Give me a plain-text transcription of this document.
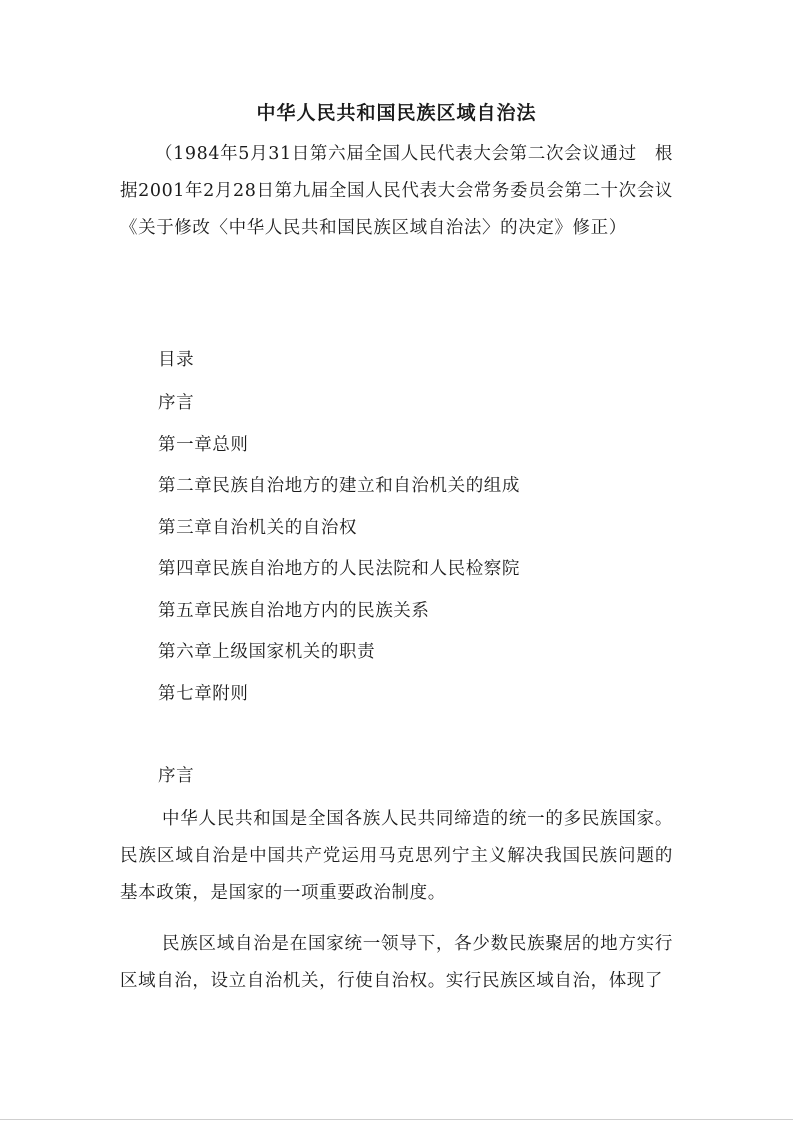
中华人民共和国民族区域自治法
（1984年5月31日第六届全国人民代表大会第二次会议通过　根据2001年2月28日第九届全国人民代表大会常务委员会第二十次会议《关于修改〈中华人民共和国民族区域自治法〉的决定》修正）
目录
序言
第一章总则
第二章民族自治地方的建立和自治机关的组成
第三章自治机关的自治权
第四章民族自治地方的人民法院和人民检察院
第五章民族自治地方内的民族关系
第六章上级国家机关的职责
第七章附则
序言
中华人民共和国是全国各族人民共同缔造的统一的多民族国家。民族区域自治是中国共产党运用马克思列宁主义解决我国民族问题的基本政策，是国家的一项重要政治制度。
民族区域自治是在国家统一领导下，各少数民族聚居的地方实行区域自治，设立自治机关，行使自治权。实行民族区域自治，体现了
